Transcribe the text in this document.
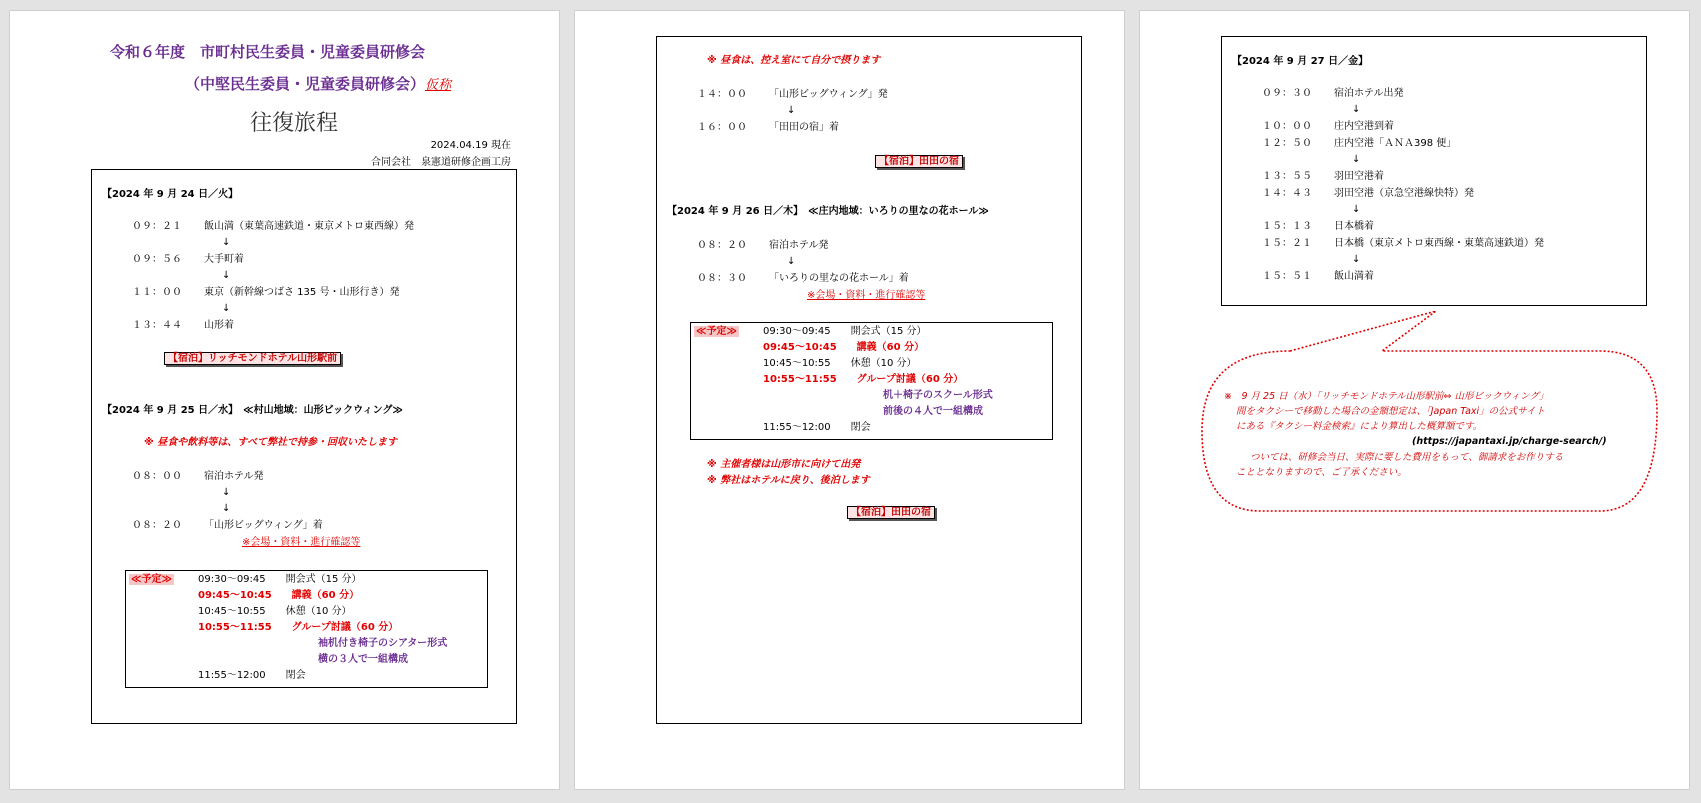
令和６年度　市町村民生委員・児童委員研修会
（中堅民生委員・児童委員研修会）仮称
往復旅程
2024.04.19 現在
合同会社　泉憲道研修企画工房
【2024 年 9 月 24 日／火】
０９：２１ 飯山満（東葉高速鉄道・東京メトロ東西線）発
↓
０９：５６ 大手町着
↓
１１：００ 東京（新幹線つばさ 135 号・山形行き）発
↓
１３：４４ 山形着
【宿泊】リッチモンドホテル山形駅前
【2024 年 9 月 25 日／水】　≪村山地域：山形ビックウィング≫
※ 昼食や飲料等は、すべて弊社で持参・回収いたします
０８：００ 宿泊ホテル発
↓
↓
０８：２０ 「山形ビッグウィング」着
※会場・資料・進行確認等
≪予定≫	09:30〜09:45 開会式（15 分）
09:45〜10:45 講義（60 分）
10:45〜10:55 休憩（10 分）
10:55〜11:55 グループ討議（60 分）
袖机付き椅子のシアター形式
横の３人で一組構成
11:55〜12:00 閉会
※ 昼食は、控え室にて自分で摂ります
１４：００ 「山形ビッグウィング」発
↓
１６：００ 「田田の宿」着
【宿泊】田田の宿
【2024 年 9 月 26 日／木】　≪庄内地域：いろりの里なの花ホール≫
０８：２０ 宿泊ホテル発
↓
０８：３０ 「いろりの里なの花ホール」着
※会場・資料・進行確認等
≪予定≫	09:30〜09:45 開会式（15 分）
09:45〜10:45 講義（60 分）
10:45〜10:55 休憩（10 分）
10:55〜11:55 グループ討議（60 分）
机＋椅子のスクール形式
前後の４人で一組構成
11:55〜12:00 閉会
※ 主催者様は山形市に向けて出発
※ 弊社はホテルに戻り、後泊します
【宿泊】田田の宿
【2024 年 9 月 27 日／金】
０９：３０ 宿泊ホテル出発
↓
１０：００ 庄内空港到着
１２：５０ 庄内空港「ＡＮＡ398 便」
↓
１３：５５ 羽田空港着
１４：４３ 羽田空港（京急空港線快特）発
↓
１５：１３ 日本橋着
１５：２１ 日本橋（東京メトロ東西線・東葉高速鉄道）発
↓
１５：５１ 飯山満着
※　9 月 25 日（水）「リッチモンドホテル山形駅前⇔ 山形ビックウィング」
間をタクシーで移動した場合の金額想定は、「Japan Taxi」の公式サイト
にある『タクシー料金検索』により算出した概算額です。
(https://japantaxi.jp/charge-search/)
ついては、研修会当日、実際に要した費用をもって、御請求をお作りする
こととなりますので、ご了承ください。
